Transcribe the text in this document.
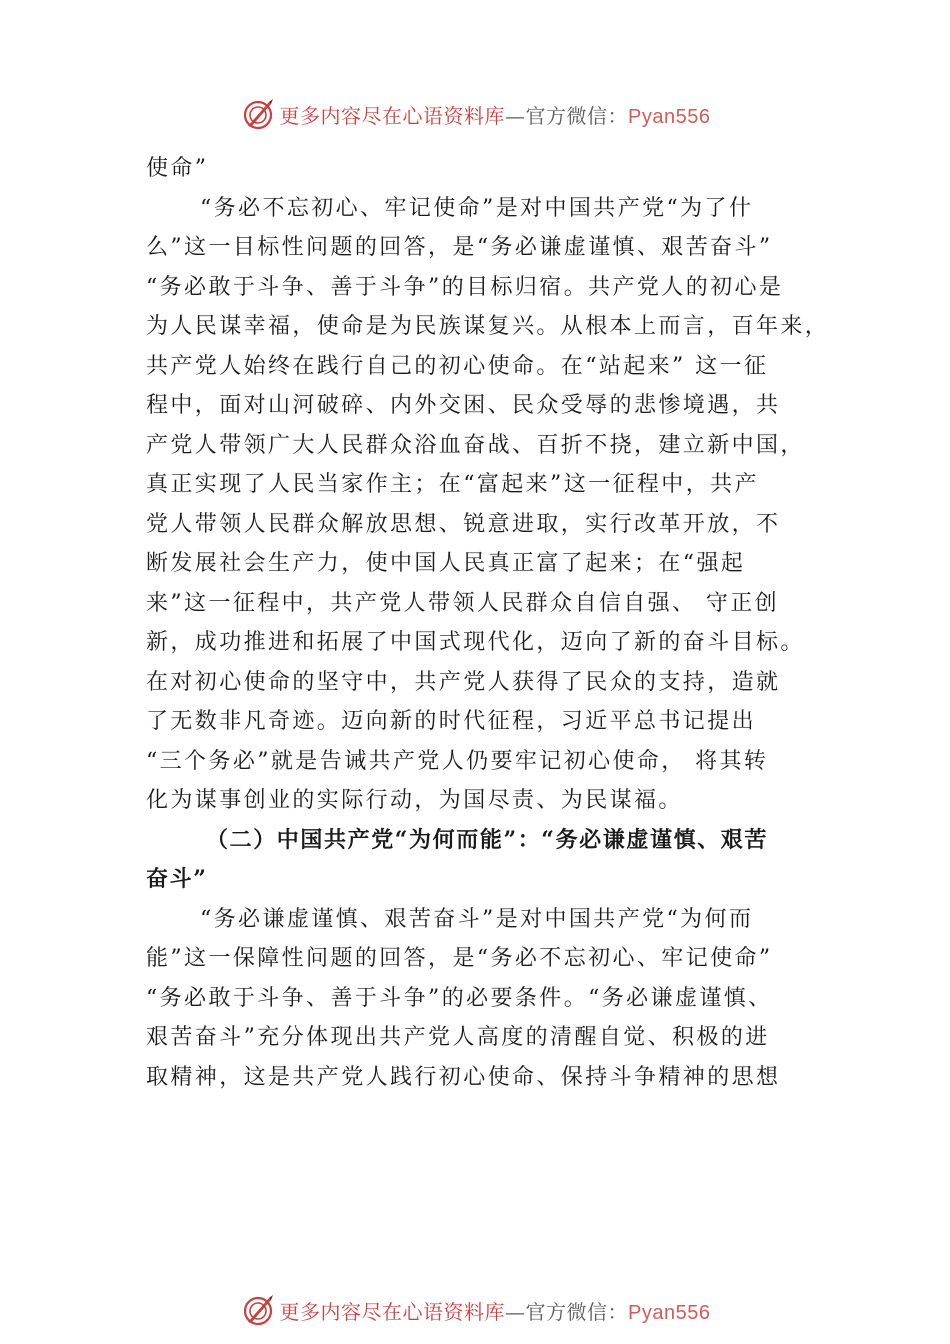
更多内容尽在心语资料库—官方微信：Pyan556
使命”
“务必不忘初心、牢记使命”是对中国共产党“为了什
么”这一目标性问题的回答，是“务必谦虚谨慎、艰苦奋斗”
“务必敢于斗争、善于斗争”的目标归宿。共产党人的初心是
为人民谋幸福，使命是为民族谋复兴。从根本上而言，百年来，
共产党人始终在践行自己的初心使命。在“站起来” 这一征
程中，面对山河破碎、内外交困、民众受辱的悲惨境遇，共
产党人带领广大人民群众浴血奋战、百折不挠，建立新中国，
真正实现了人民当家作主；在“富起来”这一征程中，共产
党人带领人民群众解放思想、锐意进取，实行改革开放，不
断发展社会生产力，使中国人民真正富了起来；在“强起
来”这一征程中，共产党人带领人民群众自信自强、 守正创
新，成功推进和拓展了中国式现代化，迈向了新的奋斗目标。
在对初心使命的坚守中，共产党人获得了民众的支持，造就
了无数非凡奇迹。迈向新的时代征程，习近平总书记提出
“三个务必”就是告诫共产党人仍要牢记初心使命， 将其转
化为谋事创业的实际行动，为国尽责、为民谋福。
（二）中国共产党“为何而能”：“务必谦虚谨慎、艰苦
奋斗”
“务必谦虚谨慎、艰苦奋斗”是对中国共产党“为何而
能”这一保障性问题的回答，是“务必不忘初心、牢记使命”
“务必敢于斗争、善于斗争”的必要条件。“务必谦虚谨慎、
艰苦奋斗”充分体现出共产党人高度的清醒自觉、积极的进
取精神，这是共产党人践行初心使命、保持斗争精神的思想
更多内容尽在心语资料库—官方微信：Pyan556
